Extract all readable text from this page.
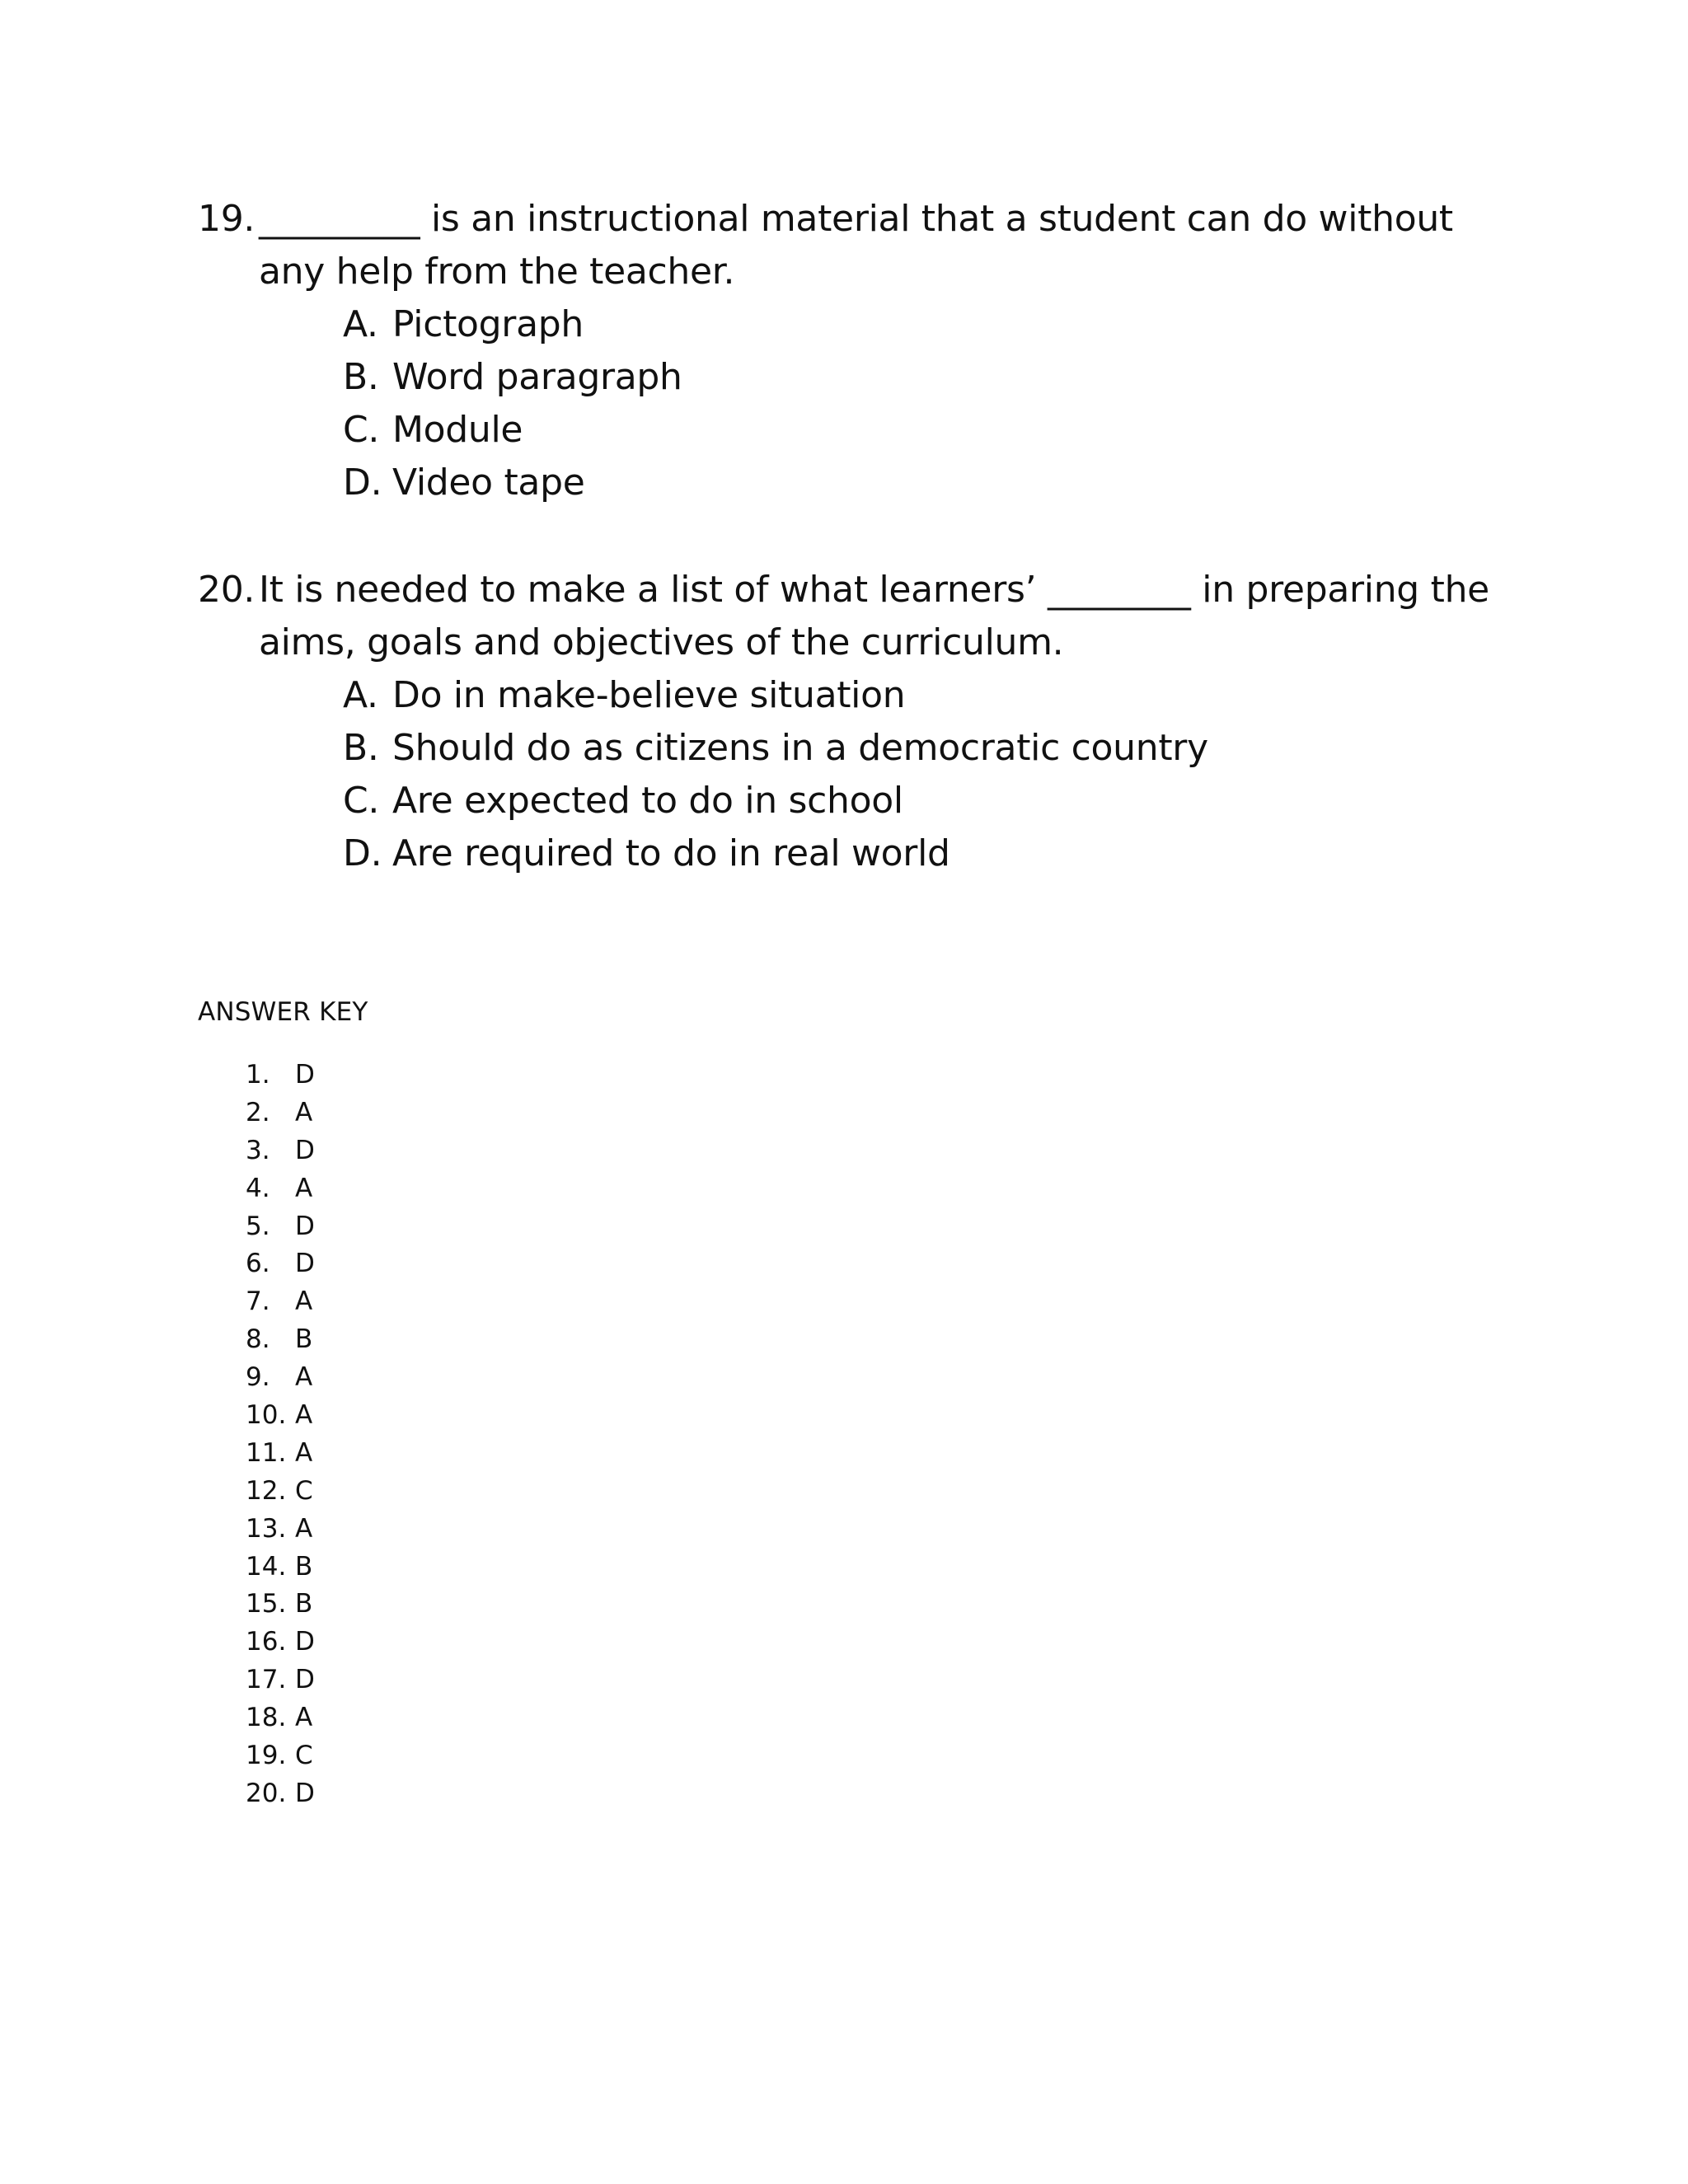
19. _________ is an instructional material that a student can do without
any help from the teacher.
A. Pictograph
B. Word paragraph
C. Module
D. Video tape
20. It is needed to make a list of what learners’ ________ in preparing the
aims, goals and objectives of the curriculum.
A. Do in make-believe situation
B. Should do as citizens in a democratic country
C. Are expected to do in school
D. Are required to do in real world
ANSWER KEY
1. D
2. A
3. D
4. A
5. D
6. D
7. A
8. B
9. A
10. A
11. A
12. C
13. A
14. B
15. B
16. D
17. D
18. A
19. C
20. D
